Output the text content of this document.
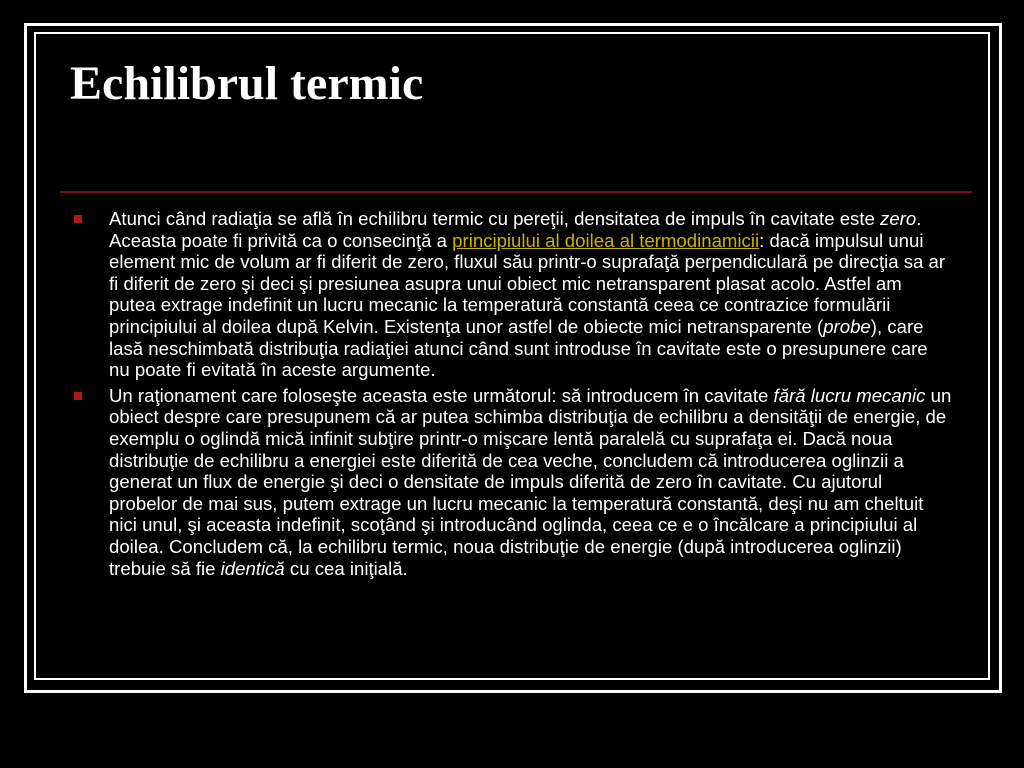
Echilibrul termic
Atunci când radiaţia se află în echilibru termic cu pereţii, densitatea de impuls în cavitate este zero. Aceasta poate fi privită ca o consecinţă a principiului al doilea al termodinamicii: dacă impulsul unui element mic de volum ar fi diferit de zero, fluxul său printr-o suprafaţă perpendiculară pe direcţia sa ar fi diferit de zero şi deci şi presiunea asupra unui obiect mic netransparent plasat acolo. Astfel am putea extrage indefinit un lucru mecanic la temperatură constantă ceea ce contrazice formulării principiului al doilea după Kelvin. Existenţa unor astfel de obiecte mici netransparente (probe), care lasă neschimbată distribuţia radiaţiei atunci când sunt introduse în cavitate este o presupunere care nu poate fi evitată în aceste argumente.
Un raţionament care foloseşte aceasta este următorul: să introducem în cavitate fără lucru mecanic un obiect despre care presupunem că ar putea schimba distribuţia de echilibru a densităţii de energie, de exemplu o oglindă mică infinit subţire printr-o mişcare lentă paralelă cu suprafaţa ei. Dacă noua distribuţie de echilibru a energiei este diferită de cea veche, concludem că introducerea oglinzii a generat un flux de energie şi deci o densitate de impuls diferită de zero în cavitate. Cu ajutorul probelor de mai sus, putem extrage un lucru mecanic la temperatură constantă, deşi nu am cheltuit nici unul, şi aceasta indefinit, scoţând şi introducând oglinda, ceea ce e o încălcare a principiului al doilea. Concludem că, la echilibru termic, noua distribuţie de energie (după introducerea oglinzii) trebuie să fie identică cu cea iniţială.
